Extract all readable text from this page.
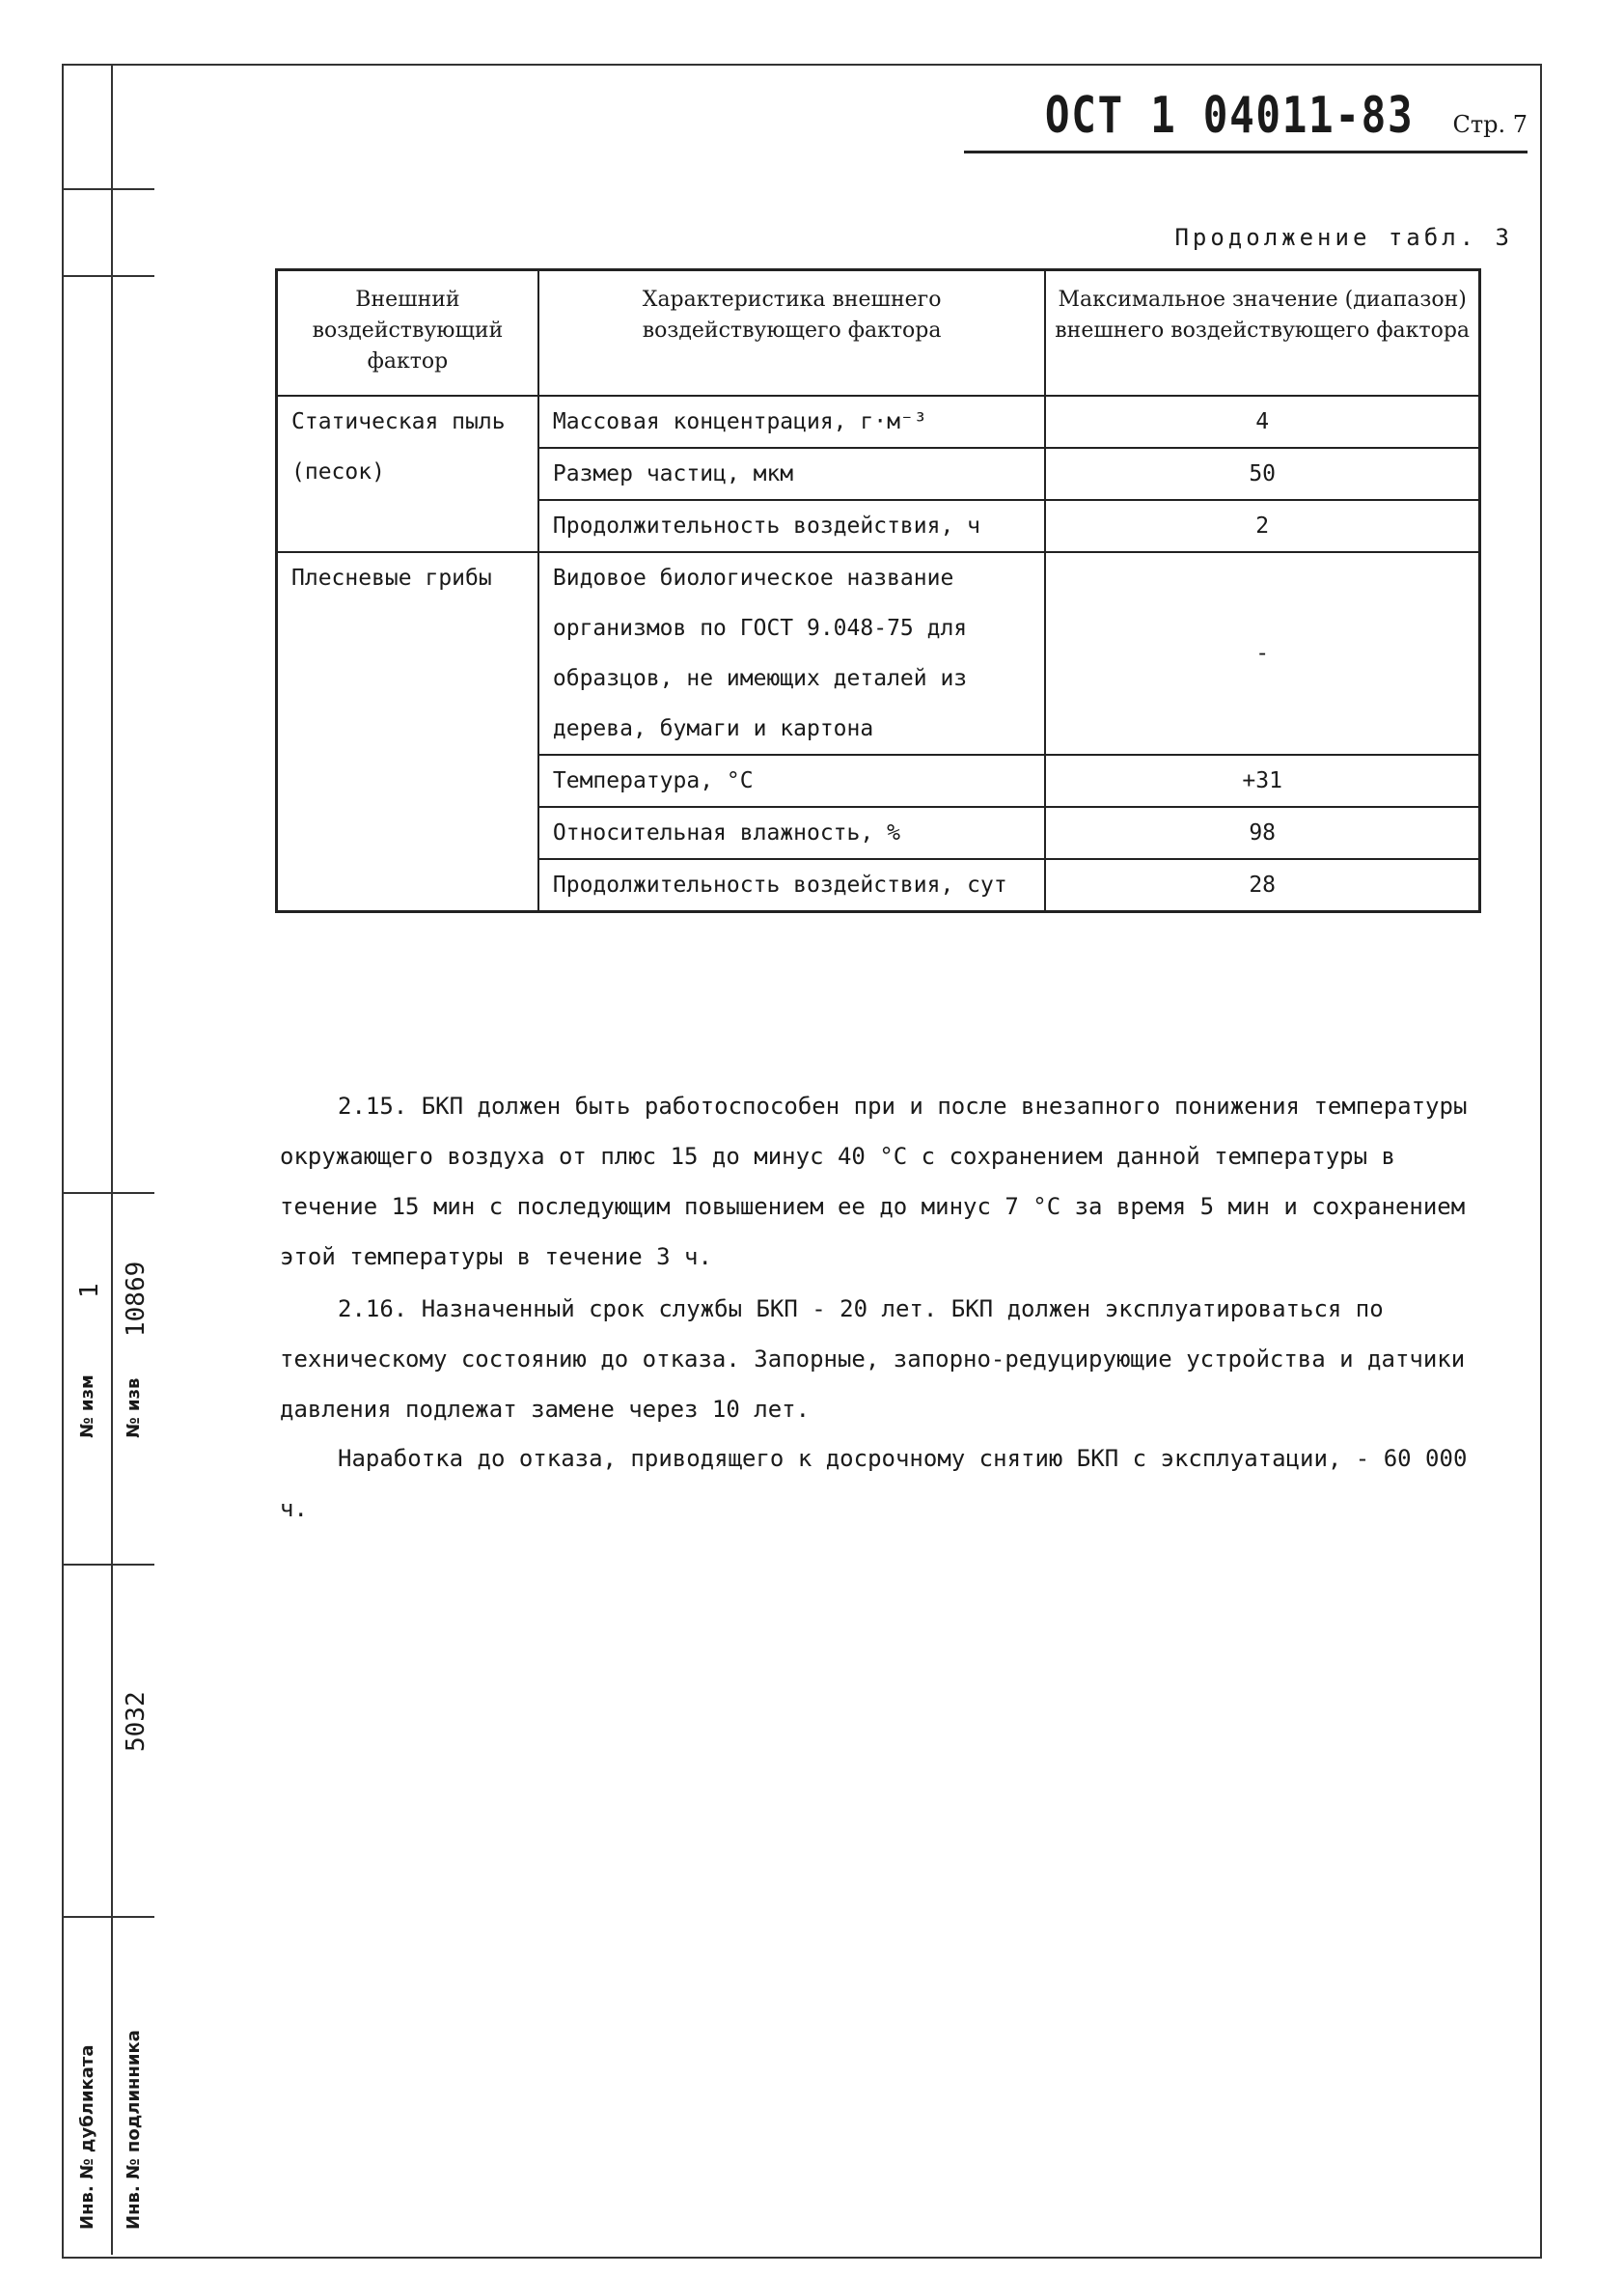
№ изм
1
№ изв
10869
5032
Инв. № дубликата Инв. № подлинника
ОСТ 1 04011-83 Стр. 7
Продолжение табл. 3
Внешний воздействующий фактор	Характеристика внешнего воздействующего фактора	Максимальное значение (диапазон) внешнего воздействующего фактора
Статическая пыль (песок)	Массовая концентрация, г·м⁻³	4
	Размер частиц, мкм	50
	Продолжительность воздействия, ч	2
Плесневые грибы	Видовое биологическое название организмов по ГОСТ 9.048-75 для образцов, не имеющих деталей из дерева, бумаги и картона	-
	Температура, °С	+31
	Относительная влажность, %	98
	Продолжительность воздействия, сут	28
2.15. БКП должен быть работоспособен при и после внезапного понижения температуры окружающего воздуха от плюс 15 до минус 40 °С с сохранением данной температуры в течение 15 мин с последующим повышением ее до минус 7 °С за время 5 мин и сохранением этой температуры в течение 3 ч.
2.16. Назначенный срок службы БКП - 20 лет. БКП должен эксплуатироваться по техническому состоянию до отказа. Запорные, запорно-редуцирующие устройства и датчики давления подлежат замене через 10 лет.
Наработка до отказа, приводящего к досрочному снятию БКП с эксплуатации, - 60 000 ч.
